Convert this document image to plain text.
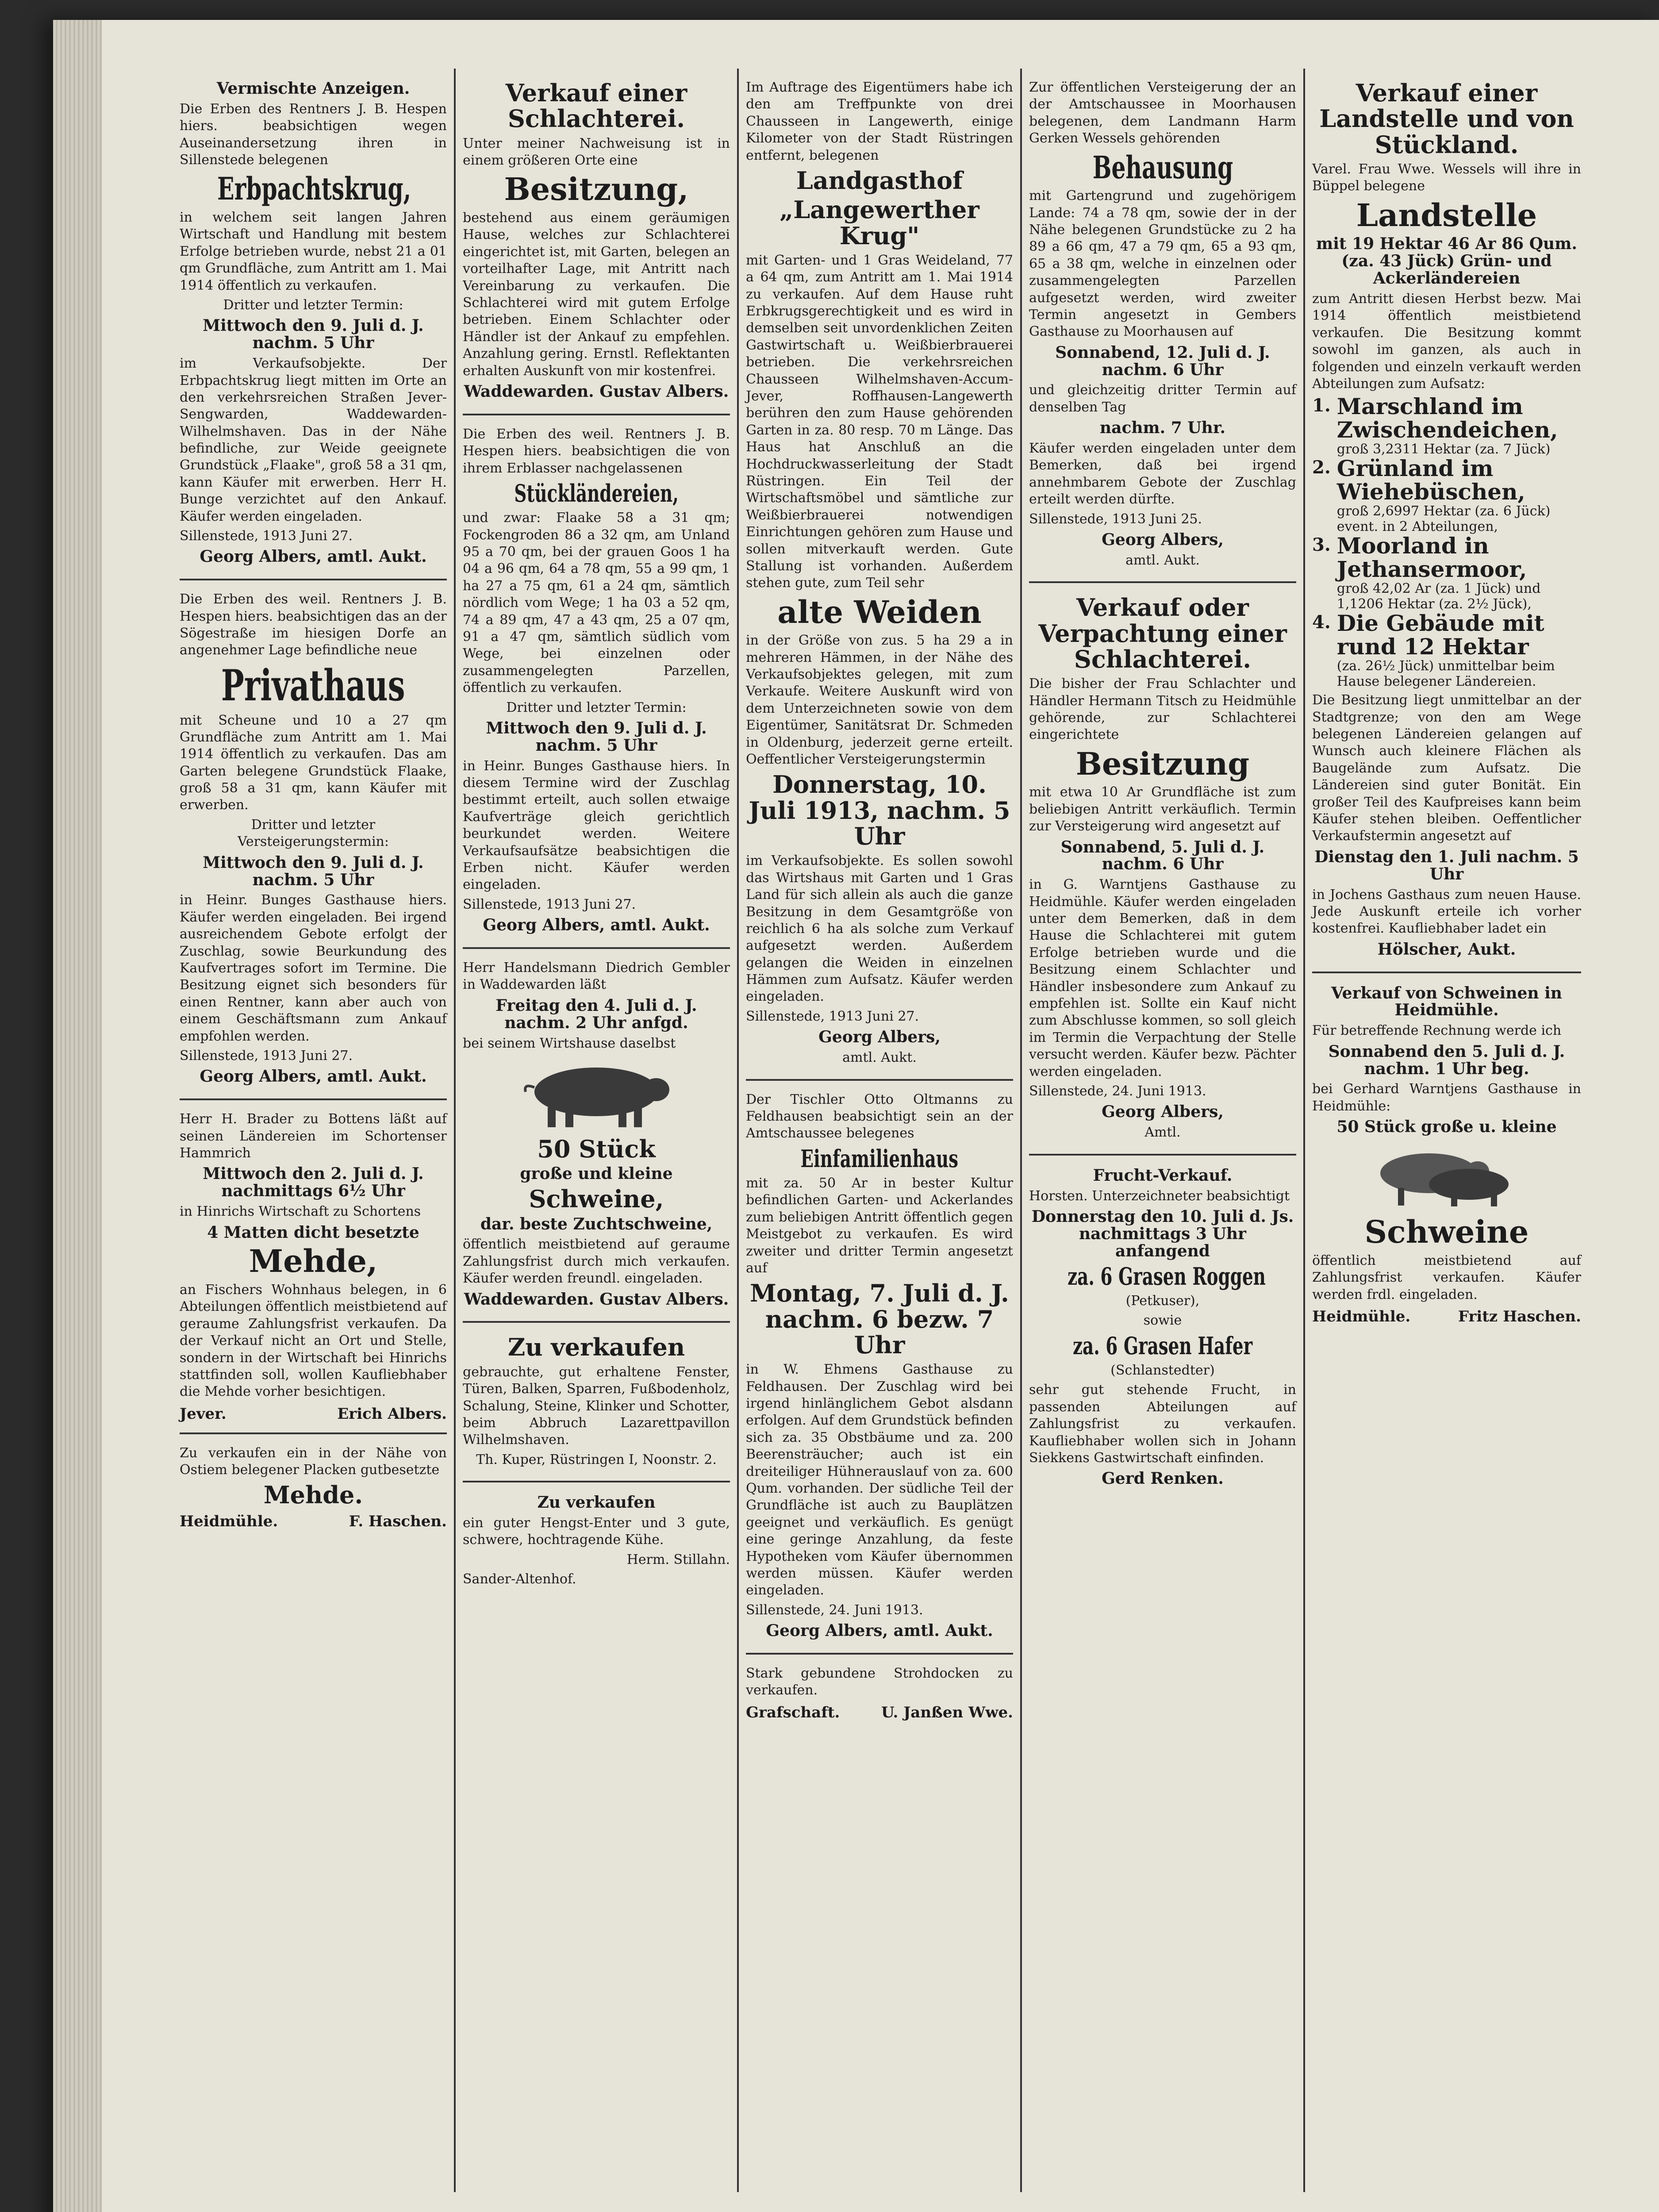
Vermischte Anzeigen.

Die Erben des Rentners J. B. Hespen hiers. beabsichtigen wegen Auseinandersetzung ihren in Sillenstede belegenen

Erbpachtskrug,

in welchem seit langen Jahren Wirtschaft und Handlung mit bestem Erfolge betrieben wurde, nebst 21 a 01 qm Grundfläche, zum Antritt am 1. Mai 1914 öffentlich zu verkaufen.

Dritter und letzter Termin:

Mittwoch den 9. Juli d. J. nachm. 5 Uhr

im Verkaufsobjekte. Der Erbpachtskrug liegt mitten im Orte an den verkehrsreichen Straßen Jever-Sengwarden, Waddewarden-Wilhelmshaven. Das in der Nähe befindliche, zur Weide geeignete Grundstück „Flaake", groß 58 a 31 qm, kann Käufer mit erwerben. Herr H. Bunge verzichtet auf den Ankauf. Käufer werden eingeladen.

Sillenstede, 1913 Juni 27.

Georg Albers, amtl. Aukt.

Die Erben des weil. Rentners J. B. Hespen hiers. beabsichtigen das an der Sögestraße im hiesigen Dorfe an angenehmer Lage befindliche neue

Privathaus

mit Scheune und 10 a 27 qm Grundfläche zum Antritt am 1. Mai 1914 öffentlich zu verkaufen. Das am Garten belegene Grundstück Flaake, groß 58 a 31 qm, kann Käufer mit erwerben.

Dritter und letzter Versteigerungstermin:

Mittwoch den 9. Juli d. J. nachm. 5 Uhr

in Heinr. Bunges Gasthause hiers. Käufer werden eingeladen. Bei irgend ausreichendem Gebote erfolgt der Zuschlag, sowie Beurkundung des Kaufvertrages sofort im Termine. Die Besitzung eignet sich besonders für einen Rentner, kann aber auch von einem Geschäftsmann zum Ankauf empfohlen werden.

Sillenstede, 1913 Juni 27.

Georg Albers, amtl. Aukt.

Herr H. Brader zu Bottens läßt auf seinen Ländereien im Schortenser Hammrich

Mittwoch den 2. Juli d. J. nachmittags 6½ Uhr

in Hinrichs Wirtschaft zu Schortens

4 Matten dicht besetzte
Mehde,

an Fischers Wohnhaus belegen, in 6 Abteilungen öffentlich meistbietend auf geraume Zahlungsfrist verkaufen. Da der Verkauf nicht an Ort und Stelle, sondern in der Wirtschaft bei Hinrichs stattfinden soll, wollen Kaufliebhaber die Mehde vorher besichtigen.

Jever.	Erich Albers.

Zu verkaufen ein in der Nähe von Ostiem belegener Placken gutbesetzte

Mehde.
Heidmühle.	F. Haschen.
Verkauf einer Schlachterei.

Unter meiner Nachweisung ist in einem größeren Orte eine

Besitzung,

bestehend aus einem geräumigen Hause, welches zur Schlachterei eingerichtet ist, mit Garten, belegen an vorteilhafter Lage, mit Antritt nach Vereinbarung zu verkaufen. Die Schlachterei wird mit gutem Erfolge betrieben. Einem Schlachter oder Händler ist der Ankauf zu empfehlen. Anzahlung gering. Ernstl. Reflektanten erhalten Auskunft von mir kostenfrei.

Waddewarden. Gustav Albers.

Die Erben des weil. Rentners J. B. Hespen hiers. beabsichtigen die von ihrem Erblasser nachgelassenen

Stückländereien,

und zwar: Flaake 58 a 31 qm; Fockengroden 86 a 32 qm, am Unland 95 a 70 qm, bei der grauen Goos 1 ha 04 a 96 qm, 64 a 78 qm, 55 a 99 qm, 1 ha 27 a 75 qm, 61 a 24 qm, sämtlich nördlich vom Wege; 1 ha 03 a 52 qm, 74 a 89 qm, 47 a 43 qm, 25 a 07 qm, 91 a 47 qm, sämtlich südlich vom Wege, bei einzelnen oder zusammengelegten Parzellen, öffentlich zu verkaufen.

Dritter und letzter Termin:

Mittwoch den 9. Juli d. J. nachm. 5 Uhr

in Heinr. Bunges Gasthause hiers. In diesem Termine wird der Zuschlag bestimmt erteilt, auch sollen etwaige Kaufverträge gleich gerichtlich beurkundet werden. Weitere Verkaufsaufsätze beabsichtigen die Erben nicht. Käufer werden eingeladen.

Sillenstede, 1913 Juni 27.

Georg Albers, amtl. Aukt.

Herr Handelsmann Diedrich Gembler in Waddewarden läßt

Freitag den 4. Juli d. J. nachm. 2 Uhr anfgd.

bei seinem Wirtshause daselbst

50 Stück
große und kleine
Schweine,
dar. beste Zuchtschweine,

öffentlich meistbietend auf geraume Zahlungsfrist durch mich verkaufen. Käufer werden freundl. eingeladen.

Waddewarden. Gustav Albers.
Zu verkaufen

gebrauchte, gut erhaltene Fenster, Türen, Balken, Sparren, Fußbodenholz, Schalung, Steine, Klinker und Schotter, beim Abbruch Lazarettpavillon Wilhelmshaven.

Th. Kuper, Rüstringen I, Noonstr. 2.

Zu verkaufen

ein guter Hengst-Enter und 3 gute, schwere, hochtragende Kühe.

Herm. Stillahn.

Sander-Altenhof.

Im Auftrage des Eigentümers habe ich den am Treffpunkte von drei Chausseen in Langewerth, einige Kilometer von der Stadt Rüstringen entfernt, belegenen

Landgasthof
„Langewerther Krug"

mit Garten- und 1 Gras Weideland, 77 a 64 qm, zum Antritt am 1. Mai 1914 zu verkaufen. Auf dem Hause ruht Erbkrugsgerechtigkeit und es wird in demselben seit unvordenklichen Zeiten Gastwirtschaft u. Weißbierbrauerei betrieben. Die verkehrsreichen Chausseen Wilhelmshaven-Accum-Jever, Roffhausen-Langewerth berühren den zum Hause gehörenden Garten in za. 80 resp. 70 m Länge. Das Haus hat Anschluß an die Hochdruckwasserleitung der Stadt Rüstringen. Ein Teil der Wirtschaftsmöbel und sämtliche zur Weißbierbrauerei notwendigen Einrichtungen gehören zum Hause und sollen mitverkauft werden. Gute Stallung ist vorhanden. Außerdem stehen gute, zum Teil sehr

alte Weiden

in der Größe von zus. 5 ha 29 a in mehreren Hämmen, in der Nähe des Verkaufsobjektes gelegen, mit zum Verkaufe. Weitere Auskunft wird von dem Unterzeichneten sowie von dem Eigentümer, Sanitätsrat Dr. Schmeden in Oldenburg, jederzeit gerne erteilt. Oeffentlicher Versteigerungstermin

Donnerstag, 10. Juli 1913, nachm. 5 Uhr

im Verkaufsobjekte. Es sollen sowohl das Wirtshaus mit Garten und 1 Gras Land für sich allein als auch die ganze Besitzung in dem Gesamtgröße von reichlich 6 ha als solche zum Verkauf aufgesetzt werden. Außerdem gelangen die Weiden in einzelnen Hämmen zum Aufsatz. Käufer werden eingeladen.

Sillenstede, 1913 Juni 27.

Georg Albers,

amtl. Aukt.

Der Tischler Otto Oltmanns zu Feldhausen beabsichtigt sein an der Amtschaussee belegenes

Einfamilienhaus

mit za. 50 Ar in bester Kultur befindlichen Garten- und Ackerlandes zum beliebigen Antritt öffentlich gegen Meistgebot zu verkaufen. Es wird zweiter und dritter Termin angesetzt auf

Montag, 7. Juli d. J. nachm. 6 bezw. 7 Uhr

in W. Ehmens Gasthause zu Feldhausen. Der Zuschlag wird bei irgend hinlänglichem Gebot alsdann erfolgen. Auf dem Grundstück befinden sich za. 35 Obstbäume und za. 200 Beerensträucher; auch ist ein dreiteiliger Hühnerauslauf von za. 600 Qum. vorhanden. Der südliche Teil der Grundfläche ist auch zu Bauplätzen geeignet und verkäuflich. Es genügt eine geringe Anzahlung, da feste Hypotheken vom Käufer übernommen werden müssen. Käufer werden eingeladen.

Sillenstede, 24. Juni 1913.

Georg Albers, amtl. Aukt.

Stark gebundene Strohdocken zu verkaufen.

Grafschaft.	U. Janßen Wwe.

Zur öffentlichen Versteigerung der an der Amtschaussee in Moorhausen belegenen, dem Landmann Harm Gerken Wessels gehörenden

Behausung

mit Gartengrund und zugehörigem Lande: 74 a 78 qm, sowie der in der Nähe belegenen Grundstücke zu 2 ha 89 a 66 qm, 47 a 79 qm, 65 a 93 qm, 65 a 38 qm, welche in einzelnen oder zusammengelegten Parzellen aufgesetzt werden, wird zweiter Termin angesetzt in Gembers Gasthause zu Moorhausen auf

Sonnabend, 12. Juli d. J. nachm. 6 Uhr

und gleichzeitig dritter Termin auf denselben Tag

nachm. 7 Uhr.

Käufer werden eingeladen unter dem Bemerken, daß bei irgend annehmbarem Gebote der Zuschlag erteilt werden dürfte.

Sillenstede, 1913 Juni 25.

Georg Albers,

amtl. Aukt.

Verkauf oder Verpachtung einer Schlachterei.

Die bisher der Frau Schlachter und Händler Hermann Titsch zu Heidmühle gehörende, zur Schlachterei eingerichtete

Besitzung

mit etwa 10 Ar Grundfläche ist zum beliebigen Antritt verkäuflich. Termin zur Versteigerung wird angesetzt auf

Sonnabend, 5. Juli d. J. nachm. 6 Uhr

in G. Warntjens Gasthause zu Heidmühle. Käufer werden eingeladen unter dem Bemerken, daß in dem Hause die Schlachterei mit gutem Erfolge betrieben wurde und die Besitzung einem Schlachter und Händler insbesondere zum Ankauf zu empfehlen ist. Sollte ein Kauf nicht zum Abschlusse kommen, so soll gleich im Termin die Verpachtung der Stelle versucht werden. Käufer bezw. Pächter werden eingeladen.

Sillenstede, 24. Juni 1913.

Georg Albers,

Amtl.

Frucht-Verkauf.

Horsten. Unterzeichneter beabsichtigt

Donnerstag den 10. Juli d. Js. nachmittags 3 Uhr anfangend
za. 6 Grasen Roggen

(Petkuser),

sowie

za. 6 Grasen Hafer

(Schlanstedter)

sehr gut stehende Frucht, in passenden Abteilungen auf Zahlungsfrist zu verkaufen. Kaufliebhaber wollen sich in Johann Siekkens Gastwirtschaft einfinden.

Gerd Renken.
Verkauf einer Landstelle und von Stückland.

Varel. Frau Wwe. Wessels will ihre in Büppel belegene

Landstelle
mit 19 Hektar 46 Ar 86 Qum. (za. 43 Jück) Grün- und Ackerländereien

zum Antritt diesen Herbst bezw. Mai 1914 öffentlich meistbietend verkaufen. Die Besitzung kommt sowohl im ganzen, als auch in folgenden und einzeln verkauft werden Abteilungen zum Aufsatz:

1. Marschland im Zwischendeichen,
groß 3,2311 Hektar (za. 7 Jück)
2. Grünland im Wiehebüschen,
groß 2,6997 Hektar (za. 6 Jück) event. in 2 Abteilungen,
3. Moorland in Jethansermoor,
groß 42,02 Ar (za. 1 Jück) und 1,1206 Hektar (za. 2½ Jück),
4. Die Gebäude mit rund 12 Hektar
(za. 26½ Jück) unmittelbar beim Hause belegener Ländereien.

Die Besitzung liegt unmittelbar an der Stadtgrenze; von den am Wege belegenen Ländereien gelangen auf Wunsch auch kleinere Flächen als Baugelände zum Aufsatz. Die Ländereien sind guter Bonität. Ein großer Teil des Kaufpreises kann beim Käufer stehen bleiben. Oeffentlicher Verkaufstermin angesetzt auf

Dienstag den 1. Juli nachm. 5 Uhr

in Jochens Gasthaus zum neuen Hause. Jede Auskunft erteile ich vorher kostenfrei. Kaufliebhaber ladet ein

Hölscher, Aukt.
Verkauf von Schweinen in Heidmühle.

Für betreffende Rechnung werde ich

Sonnabend den 5. Juli d. J. nachm. 1 Uhr beg.

bei Gerhard Warntjens Gasthause in Heidmühle:

50 Stück große u. kleine
Schweine

öffentlich meistbietend auf Zahlungsfrist verkaufen. Käufer werden frdl. eingeladen.

Heidmühle.	Fritz Haschen.
